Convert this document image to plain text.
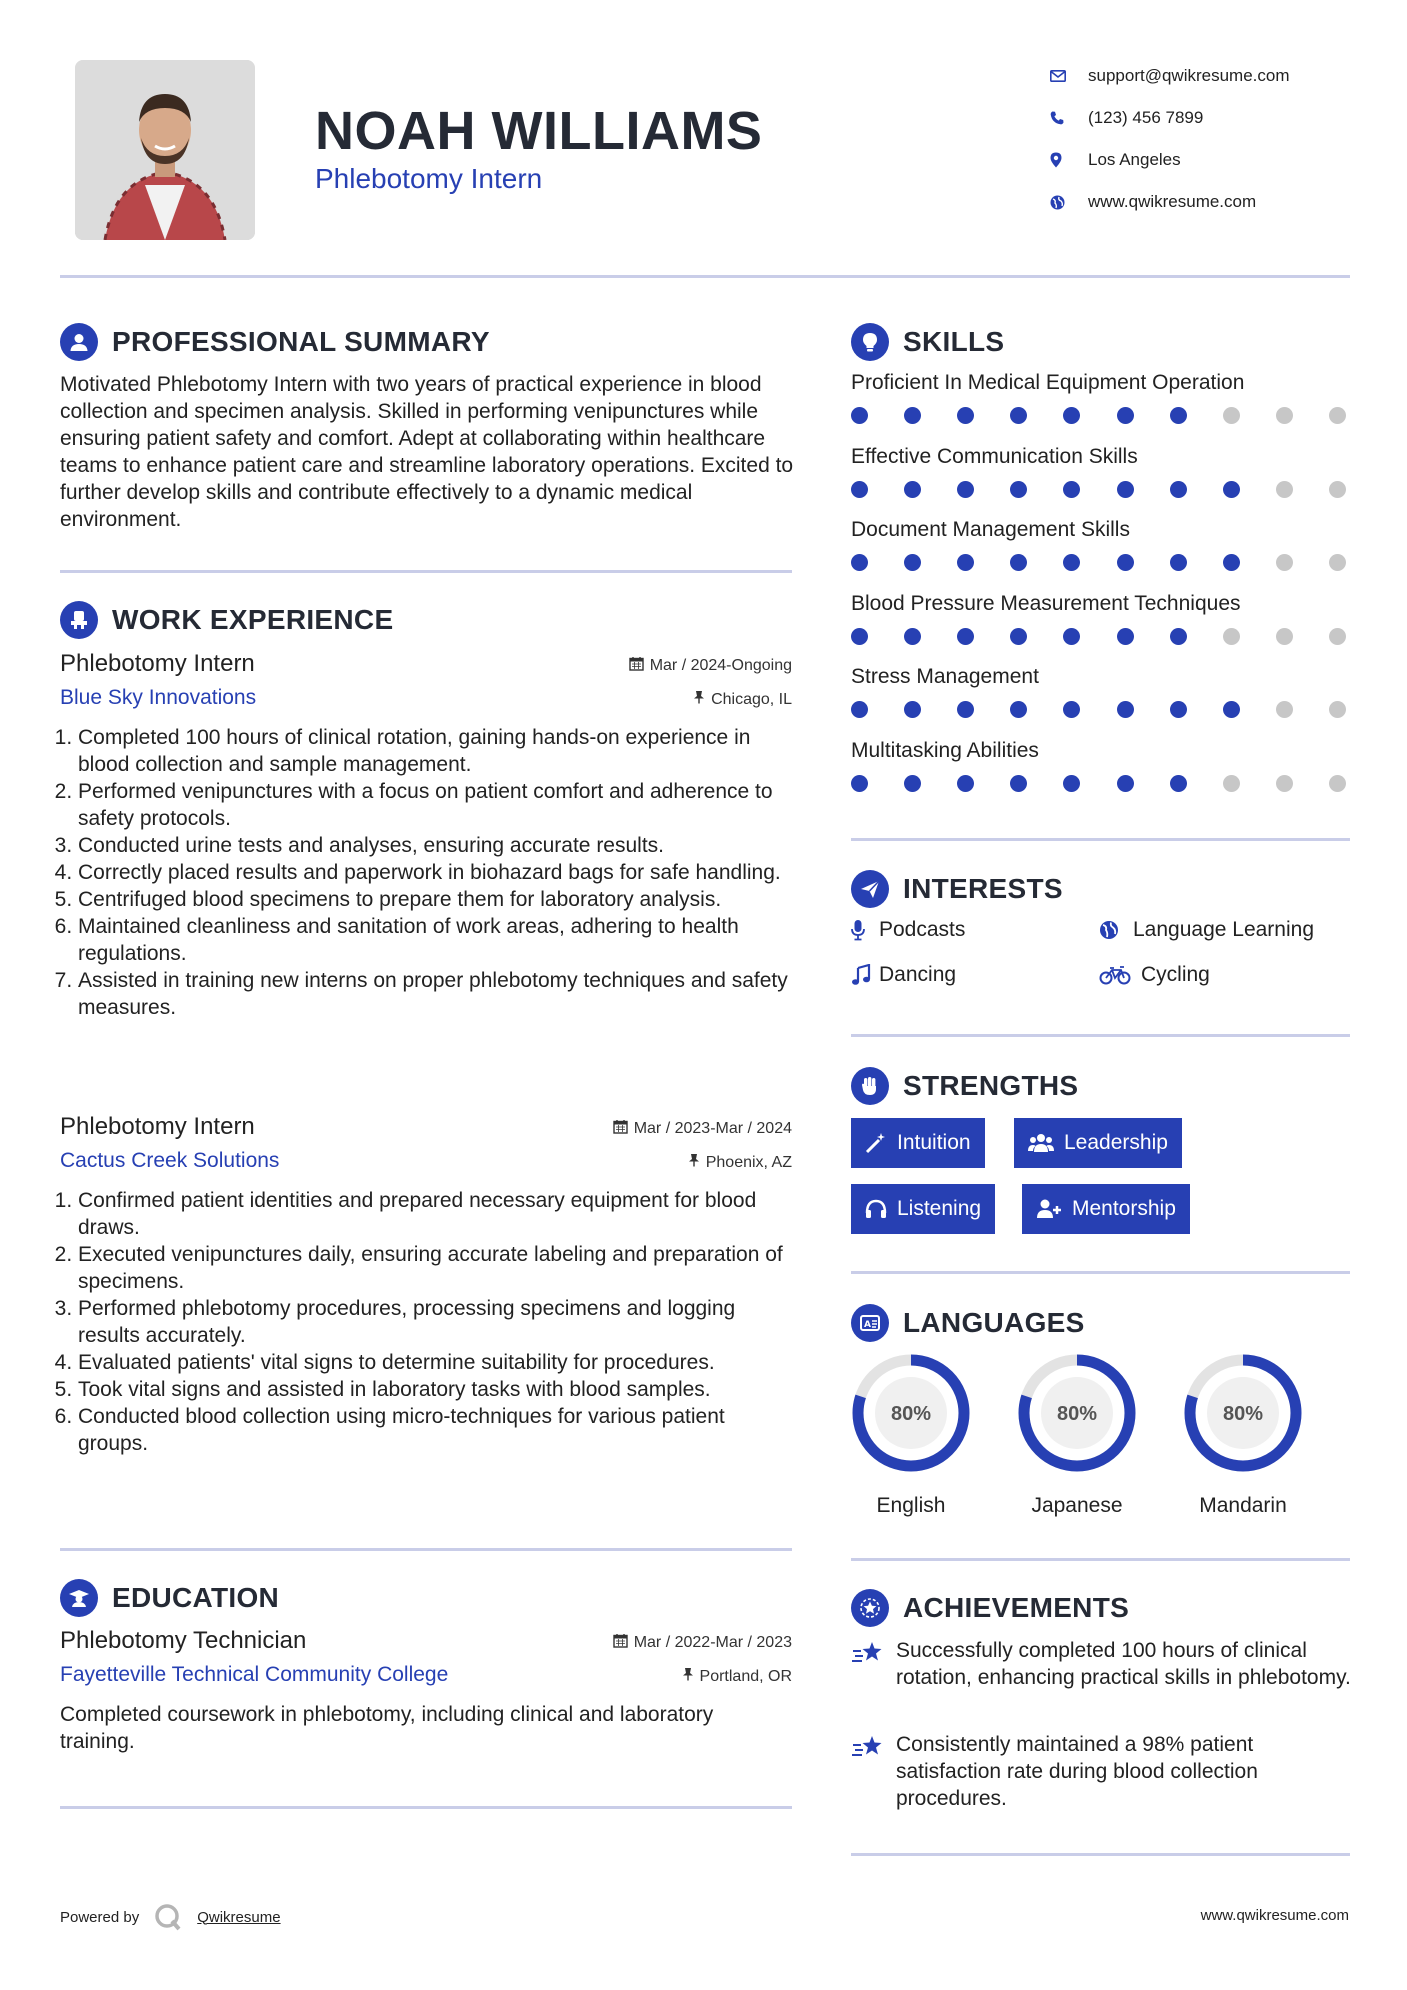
NOAH WILLIAMS
Phlebotomy Intern
support@qwikresume.com
(123) 456 7899
Los Angeles
www.qwikresume.com
PROFESSIONAL SUMMARY
Motivated Phlebotomy Intern with two years of practical experience in blood collection and specimen analysis. Skilled in performing venipunctures while ensuring patient safety and comfort. Adept at collaborating within healthcare teams to enhance patient care and streamline laboratory operations. Excited to further develop skills and contribute effectively to a dynamic medical environment.
WORK EXPERIENCE
Phlebotomy Intern	Mar / 2024-Ongoing
Blue Sky Innovations	Chicago, IL
1. Completed 100 hours of clinical rotation, gaining hands-on experience in blood collection and sample management.
2. Performed venipunctures with a focus on patient comfort and adherence to safety protocols.
3. Conducted urine tests and analyses, ensuring accurate results.
4. Correctly placed results and paperwork in biohazard bags for safe handling.
5. Centrifuged blood specimens to prepare them for laboratory analysis.
6. Maintained cleanliness and sanitation of work areas, adhering to health regulations.
7. Assisted in training new interns on proper phlebotomy techniques and safety measures.
Phlebotomy Intern	Mar / 2023-Mar / 2024
Cactus Creek Solutions	Phoenix, AZ
1. Confirmed patient identities and prepared necessary equipment for blood draws.
2. Executed venipunctures daily, ensuring accurate labeling and preparation of specimens.
3. Performed phlebotomy procedures, processing specimens and logging results accurately.
4. Evaluated patients' vital signs to determine suitability for procedures.
5. Took vital signs and assisted in laboratory tasks with blood samples.
6. Conducted blood collection using micro-techniques for various patient groups.
EDUCATION
Phlebotomy Technician	Mar / 2022-Mar / 2023
Fayetteville Technical Community College	Portland, OR
Completed coursework in phlebotomy, including clinical and laboratory training.
SKILLS
Proficient In Medical Equipment Operation
Effective Communication Skills
Document Management Skills
Blood Pressure Measurement Techniques
Stress Management
Multitasking Abilities
INTERESTS
Podcasts	Language Learning
Dancing	Cycling
STRENGTHS
Intuition	Leadership
Listening	Mentorship
A LANGUAGES
80%
English
80%
Japanese
80%
Mandarin
ACHIEVEMENTS
Successfully completed 100 hours of clinical rotation, enhancing practical skills in phlebotomy.
Consistently maintained a 98% patient satisfaction rate during blood collection procedures.
Powered by	Qwikresume	www.qwikresume.com
